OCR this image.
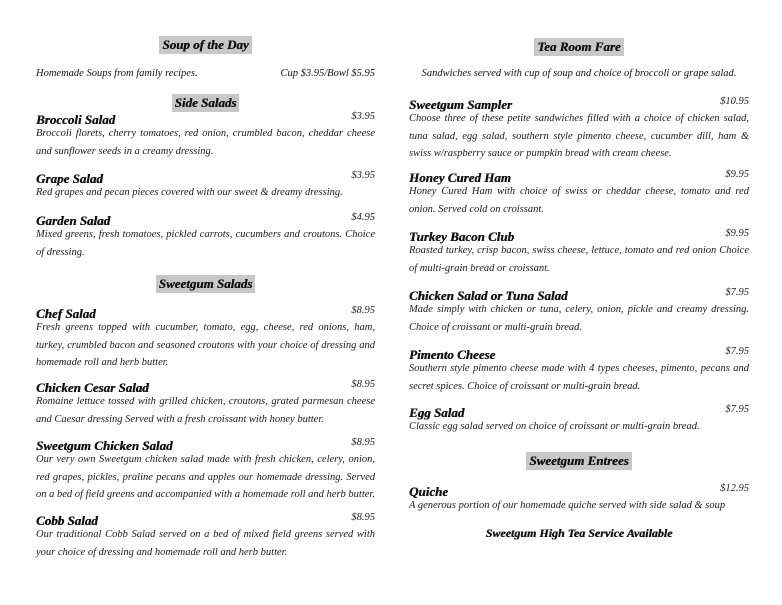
Soup of the Day
Homemade Soups from family recipes.	Cup $3.95/Bowl $5.95
Side Salads
Broccoli Salad	$3.95
Broccoli florets, cherry tomatoes, red onion, crumbled bacon, cheddar cheese and sunflower seeds in a creamy dressing.
Grape Salad	$3.95
Red grapes and pecan pieces covered with our sweet & dreamy dressing.
Garden Salad	$4.95
Mixed greens, fresh tomatoes, pickled carrots, cucumbers and croutons. Choice of dressing.
Sweetgum Salads
Chef Salad	$8.95
Fresh greens topped with cucumber, tomato, egg, cheese, red onions, ham, turkey, crumbled bacon and seasoned croutons with your choice of dressing and homemade roll and herb butter.
Chicken Cesar Salad	$8.95
Romaine lettuce tossed with grilled chicken, croutons, grated parmesan cheese and Caesar dressing Served with a fresh croissant with honey butter.
Sweetgum Chicken Salad	$8.95
Our very own Sweetgum chicken salad made with fresh chicken, celery, onion, red grapes, pickles, praline pecans and apples our homemade dressing. Served on a bed of field greens and accompanied with a homemade roll and herb butter.
Cobb Salad	$8.95
Our traditional Cobb Salad served on a bed of mixed field greens served with your choice of dressing and homemade roll and herb butter.
Tea Room Fare
Sandwiches served with cup of soup and choice of broccoli or grape salad.
Sweetgum Sampler	$10.95
Choose three of these petite sandwiches filled with a choice of chicken salad, tuna salad, egg salad, southern style pimento cheese, cucumber dill, ham & swiss w/raspberry sauce or pumpkin bread with cream cheese.
Honey Cured Ham	$9.95
Honey Cured Ham with choice of swiss or cheddar cheese, tomato and red onion. Served cold on croissant.
Turkey Bacon Club	$9.95
Roasted turkey, crisp bacon, swiss cheese, lettuce, tomato and red onion Choice of multi-grain bread or croissant.
Chicken Salad or Tuna Salad	$7.95
Made simply with chicken or tuna, celery, onion, pickle and creamy dressing. Choice of croissant or multi-grain bread.
Pimento Cheese	$7.95
Southern style pimento cheese made with 4 types cheeses, pimento, pecans and secret spices. Choice of croissant or multi-grain bread.
Egg Salad	$7.95
Classic egg salad served on choice of croissant or multi-grain bread.
Sweetgum Entrees
Quiche	$12.95
A generous portion of our homemade quiche served with side salad & soup
Sweetgum High Tea Service Available
